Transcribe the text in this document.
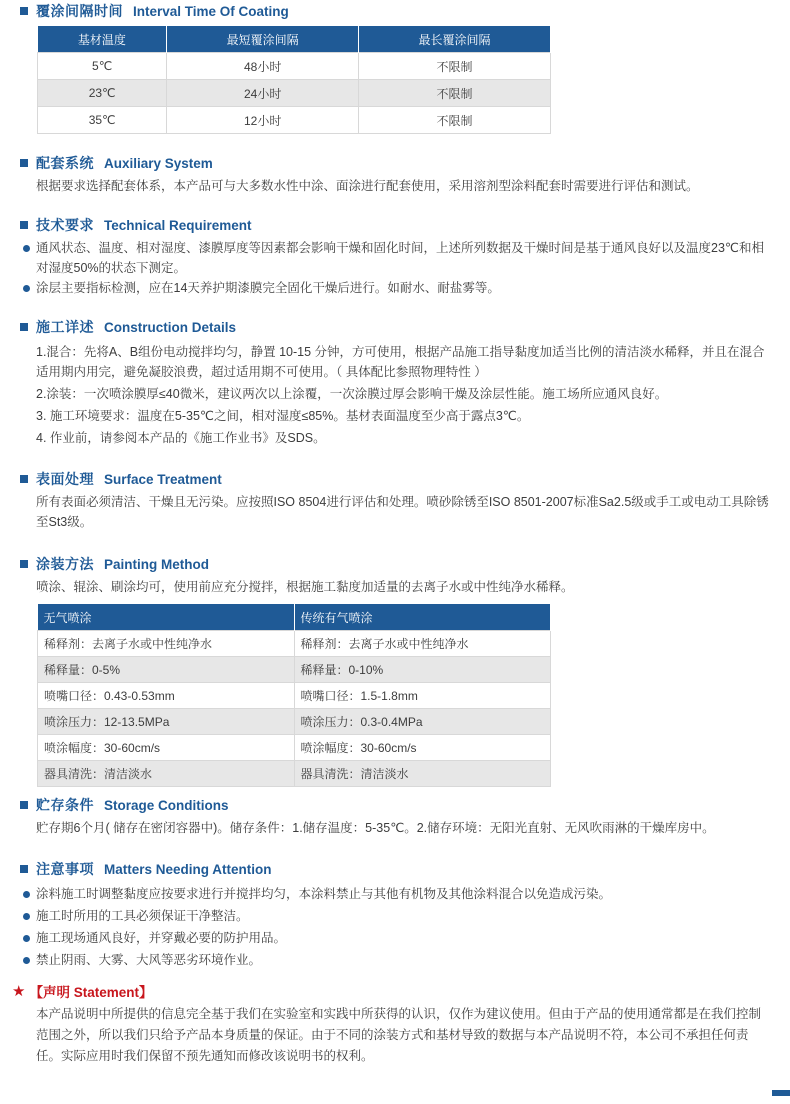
覆涂间隔时间 Interval Time Of Coating
基材温度	最短覆涂间隔	最长覆涂间隔
5℃	48小时	不限制
23℃	24小时	不限制
35℃	12小时	不限制
配套系统 Auxiliary System
根据要求选择配套体系，本产品可与大多数水性中涂、面涂进行配套使用，采用溶剂型涂料配套时需要进行评估和测试。
技术要求 Technical Requirement
通风状态、温度、相对湿度、漆膜厚度等因素都会影响干燥和固化时间，上述所列数据及干燥时间是基于通风良好以及温度23℃和相对湿度50%的状态下测定。
涂层主要指标检测，应在14天养护期漆膜完全固化干燥后进行。如耐水、耐盐雾等。
施工详述 Construction Details
1.混合：先将A、B组份电动搅拌均匀，静置 10-15 分钟，方可使用，根据产品施工指导黏度加适当比例的清洁淡水稀释，并且在混合适用期内用完，避免凝胶浪费，超过适用期不可使用。（ 具体配比参照物理特性 ）
2.涂装：一次喷涂膜厚≤40微米，建议两次以上涂覆，一次涂膜过厚会影响干燥及涂层性能。施工场所应通风良好。
3. 施工环境要求：温度在5-35℃之间，相对湿度≤85%。基材表面温度至少高于露点3℃。
4. 作业前，请参阅本产品的《施工作业书》及SDS。
表面处理 Surface Treatment
所有表面必须清洁、干燥且无污染。应按照ISO 8504进行评估和处理。喷砂除锈至ISO 8501-2007标准Sa2.5级或手工或电动工具除锈至St3级。
涂装方法 Painting Method
喷涂、辊涂、刷涂均可，使用前应充分搅拌，根据施工黏度加适量的去离子水或中性纯净水稀释。
无气喷涂	传统有气喷涂
稀释剂：去离子水或中性纯净水	稀释剂：去离子水或中性纯净水
稀释量：0-5%	稀释量：0-10%
喷嘴口径：0.43-0.53mm	喷嘴口径：1.5-1.8mm
喷涂压力：12-13.5MPa	喷涂压力：0.3-0.4MPa
喷涂幅度：30-60cm/s	喷涂幅度：30-60cm/s
器具清洗：清洁淡水	器具清洗：清洁淡水
贮存条件 Storage Conditions
贮存期6个月( 储存在密闭容器中)。储存条件：1.储存温度：5-35℃。2.储存环境：无阳光直射、无风吹雨淋的干燥库房中。
注意事项 Matters Needing Attention
涂料施工时调整黏度应按要求进行并搅拌均匀，本涂料禁止与其他有机物及其他涂料混合以免造成污染。
施工时所用的工具必须保证干净整洁。
施工现场通风良好，并穿戴必要的防护用品。
禁止阴雨、大雾、大风等恶劣环境作业。
★ 【声明 Statement】
本产品说明中所提供的信息完全基于我们在实验室和实践中所获得的认识，仅作为建议使用。但由于产品的使用通常都是在我们控制范围之外，所以我们只给予产品本身质量的保证。由于不同的涂装方式和基材导致的数据与本产品说明不符，本公司不承担任何责任。实际应用时我们保留不预先通知而修改该说明书的权利。
